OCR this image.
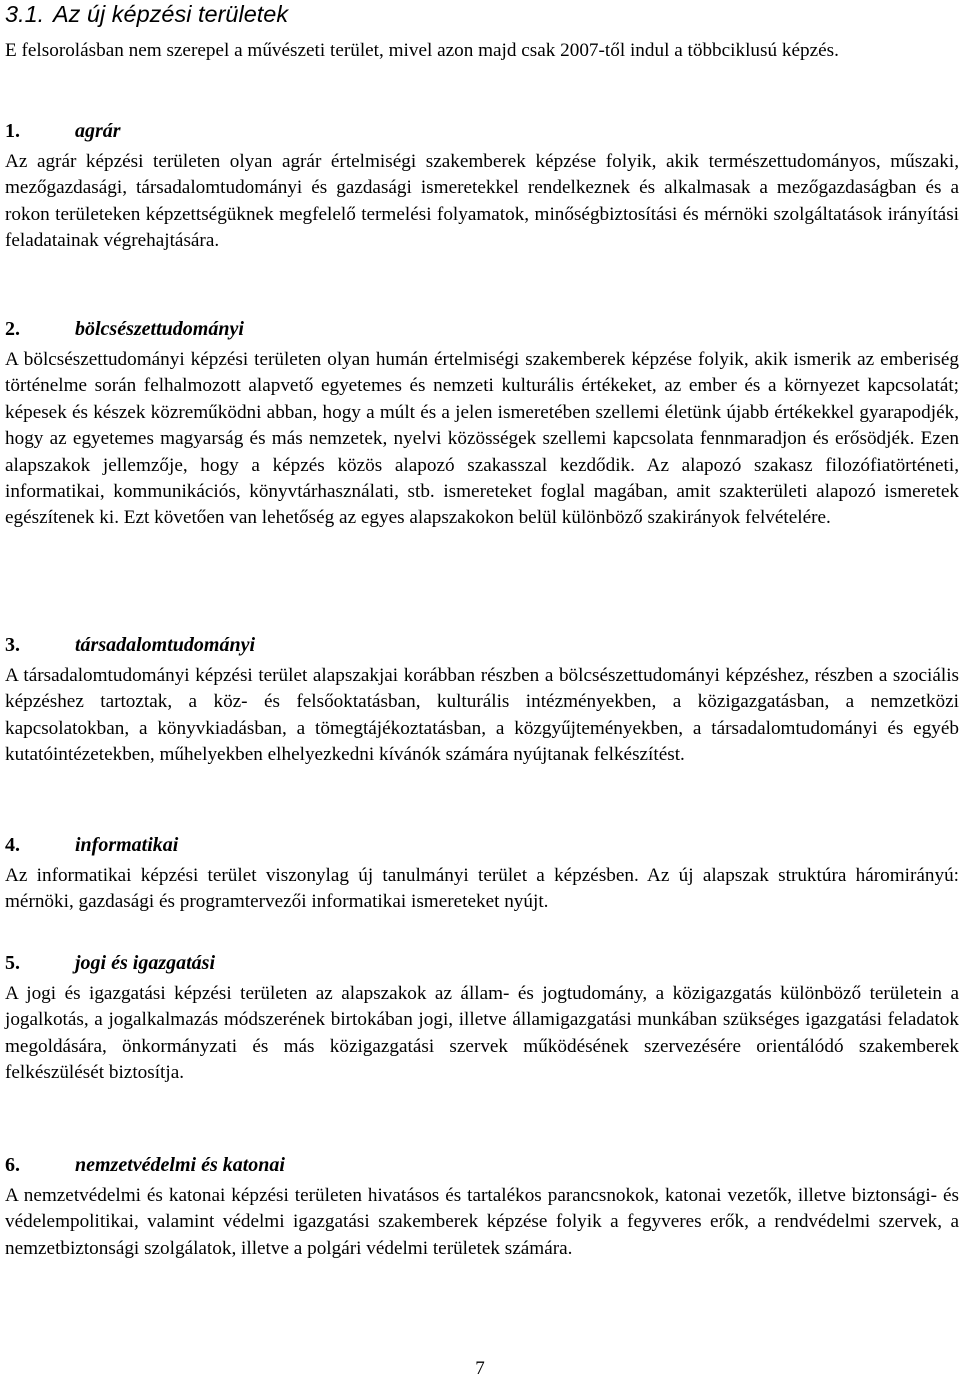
3.1. Az új képzési területek

E felsorolásban nem szerepel a művészeti terület, mivel azon majd csak 2007-től indul a többciklusú képzés.

1.	agrár

Az agrár képzési területen olyan agrár értelmiségi szakemberek képzése folyik, akik természettudományos, műszaki, mezőgazdasági, társadalomtudományi és gazdasági ismeretekkel rendelkeznek és alkalmasak a mezőgazdaságban és a rokon területeken képzettségüknek megfelelő termelési folyamatok, minőségbiztosítási és mérnöki szolgáltatások irányítási feladatainak végrehajtására.

2.	bölcsészettudományi

A bölcsészettudományi képzési területen olyan humán értelmiségi szakemberek képzése folyik, akik ismerik az emberiség történelme során felhalmozott alapvető egyetemes és nemzeti kulturális értékeket, az ember és a környezet kapcsolatát; képesek és készek közreműködni abban, hogy a múlt és a jelen ismeretében szellemi életünk újabb értékekkel gyarapodjék, hogy az egyetemes magyarság és más nemzetek, nyelvi közösségek szellemi kapcsolata fennmaradjon és erősödjék. Ezen alapszakok jellemzője, hogy a képzés közös alapozó szakasszal kezdődik. Az alapozó szakasz filozófiatörténeti, informatikai, kommunikációs, könyvtárhasználati, stb. ismereteket foglal magában, amit szakterületi alapozó ismeretek egészítenek ki. Ezt követően van lehetőség az egyes alapszakokon belül különböző szakirányok felvételére.

3.	társadalomtudományi

A társadalomtudományi képzési terület alapszakjai korábban részben a bölcsészettudományi képzéshez, részben a szociális képzéshez tartoztak, a köz- és felsőoktatásban, kulturális intézményekben, a közigazgatásban, a nemzetközi kapcsolatokban, a könyvkiadásban, a tömegtájékoztatásban, a közgyűjteményekben, a társadalomtudományi és egyéb kutatóintézetekben, műhelyekben elhelyezkedni kívánók számára nyújtanak felkészítést.

4.	informatikai

Az informatikai képzési terület viszonylag új tanulmányi terület a képzésben. Az új alapszak struktúra háromirányú: mérnöki, gazdasági és programtervezői informatikai ismereteket nyújt.

5.	jogi és igazgatási

A jogi és igazgatási képzési területen az alapszakok az állam- és jogtudomány, a közigazgatás különböző területein a jogalkotás, a jogalkalmazás módszerének birtokában jogi, illetve államigazgatási munkában szükséges igazgatási feladatok megoldására, önkormányzati és más közigazgatási szervek működésének szervezésére orientálódó szakemberek felkészülését biztosítja.

6.	nemzetvédelmi és katonai

A nemzetvédelmi és katonai képzési területen hivatásos és tartalékos parancsnokok, katonai vezetők, illetve biztonsági- és védelempolitikai, valamint védelmi igazgatási szakemberek képzése folyik a fegyveres erők, a rendvédelmi szervek, a nemzetbiztonsági szolgálatok, illetve a polgári védelmi területek számára.

7
